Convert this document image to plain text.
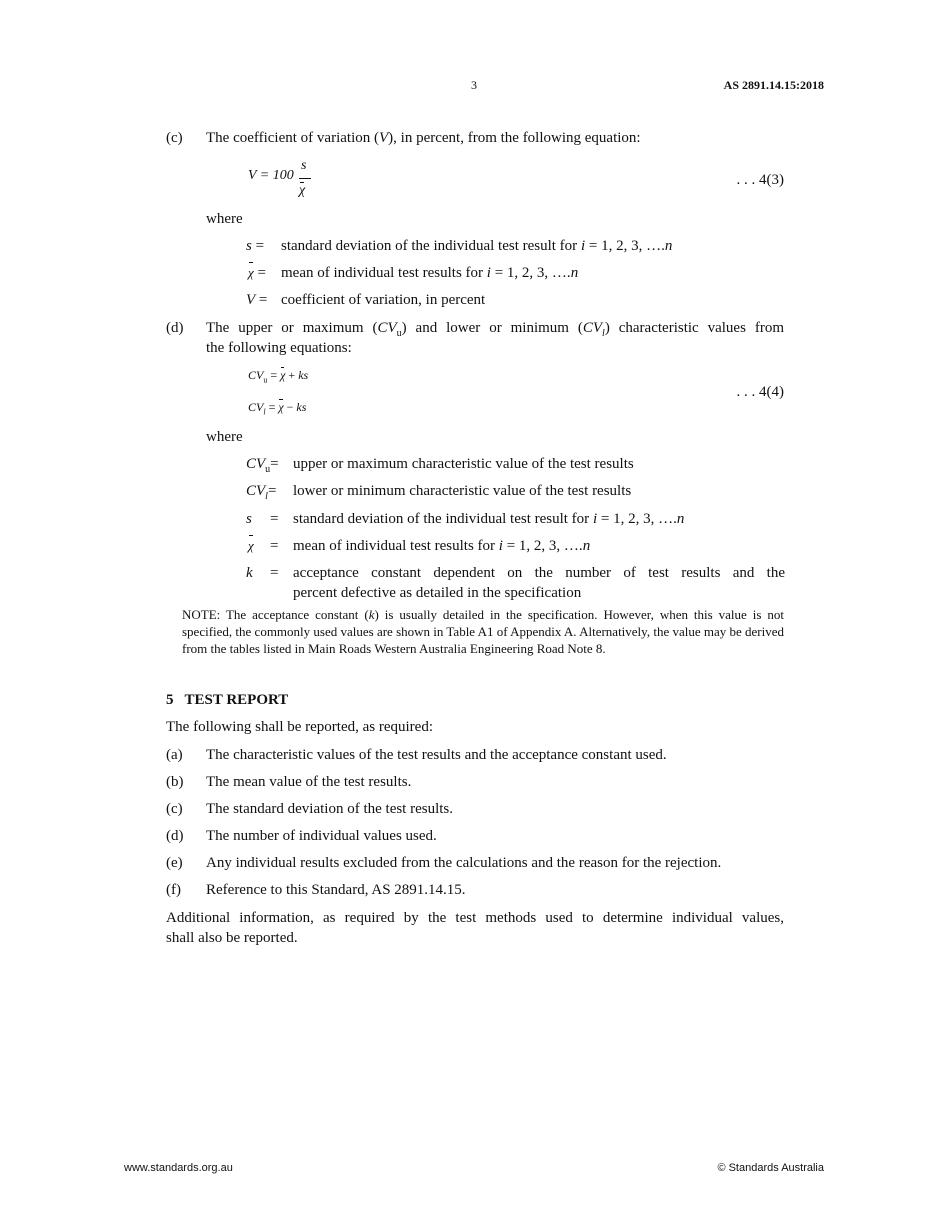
3	AS 2891.14.15:2018
(c) The coefficient of variation (V), in percent, from the following equation:
V = 100
s
χ
. . . 4(3)
where
s = standard deviation of the individual test result for i = 1, 2, 3, ….n
χ = mean of individual test results for i = 1, 2, 3, ….n
V = coefficient of variation, in percent
(d) The upper or maximum $(CV_u)$ and lower or minimum $(CV_l)$ characteristic values from
the following equations:
$CV_u = \chi$ + ks
$CV_l = \chi$ − ks
. . . 4(4)
where
$CV_u=$ upper or maximum characteristic value of the test results
$CV_l=$ lower or minimum characteristic value of the test results
s = standard deviation of the individual test result for i = 1, 2, 3, ….n
χ = mean of individual test results for i = 1, 2, 3, ….n
k = acceptance constant dependent on the number of test results and the
percent defective as detailed in the specification
NOTE: The acceptance constant (k) is usually detailed in the specification. However, when this value is not specified, the commonly used values are shown in Table A1 of Appendix A. Alternatively, the value may be derived from the tables listed in Main Roads Western Australia Engineering Road Note 8.
5   TEST REPORT
The following shall be reported, as required:
(a) The characteristic values of the test results and the acceptance constant used.
(b) The mean value of the test results.
(c) The standard deviation of the test results.
(d) The number of individual values used.
(e) Any individual results excluded from the calculations and the reason for the rejection.
(f) Reference to this Standard, AS 2891.14.15.
Additional information, as required by the test methods used to determine individual values,
shall also be reported.
www.standards.org.au	© Standards Australia
